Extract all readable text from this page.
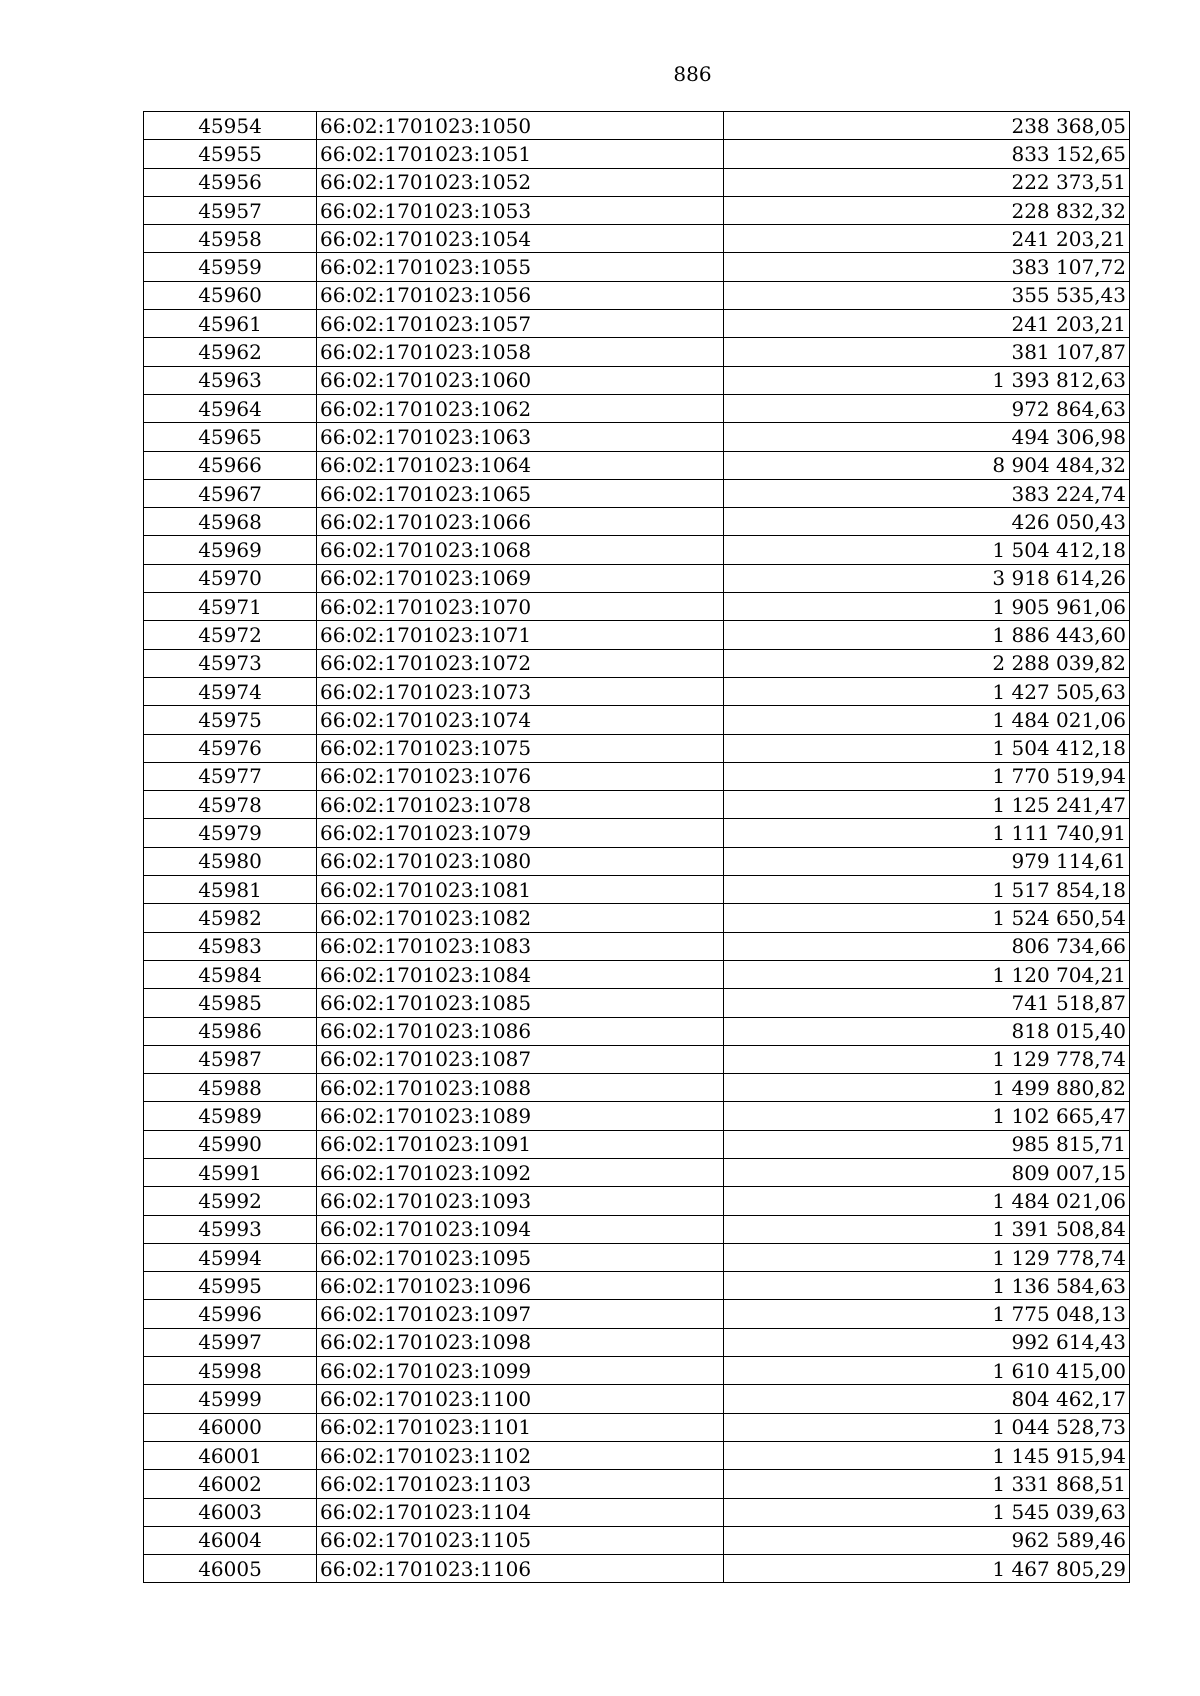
886
45954	66:02:1701023:1050	238 368,05
45955	66:02:1701023:1051	833 152,65
45956	66:02:1701023:1052	222 373,51
45957	66:02:1701023:1053	228 832,32
45958	66:02:1701023:1054	241 203,21
45959	66:02:1701023:1055	383 107,72
45960	66:02:1701023:1056	355 535,43
45961	66:02:1701023:1057	241 203,21
45962	66:02:1701023:1058	381 107,87
45963	66:02:1701023:1060	1 393 812,63
45964	66:02:1701023:1062	972 864,63
45965	66:02:1701023:1063	494 306,98
45966	66:02:1701023:1064	8 904 484,32
45967	66:02:1701023:1065	383 224,74
45968	66:02:1701023:1066	426 050,43
45969	66:02:1701023:1068	1 504 412,18
45970	66:02:1701023:1069	3 918 614,26
45971	66:02:1701023:1070	1 905 961,06
45972	66:02:1701023:1071	1 886 443,60
45973	66:02:1701023:1072	2 288 039,82
45974	66:02:1701023:1073	1 427 505,63
45975	66:02:1701023:1074	1 484 021,06
45976	66:02:1701023:1075	1 504 412,18
45977	66:02:1701023:1076	1 770 519,94
45978	66:02:1701023:1078	1 125 241,47
45979	66:02:1701023:1079	1 111 740,91
45980	66:02:1701023:1080	979 114,61
45981	66:02:1701023:1081	1 517 854,18
45982	66:02:1701023:1082	1 524 650,54
45983	66:02:1701023:1083	806 734,66
45984	66:02:1701023:1084	1 120 704,21
45985	66:02:1701023:1085	741 518,87
45986	66:02:1701023:1086	818 015,40
45987	66:02:1701023:1087	1 129 778,74
45988	66:02:1701023:1088	1 499 880,82
45989	66:02:1701023:1089	1 102 665,47
45990	66:02:1701023:1091	985 815,71
45991	66:02:1701023:1092	809 007,15
45992	66:02:1701023:1093	1 484 021,06
45993	66:02:1701023:1094	1 391 508,84
45994	66:02:1701023:1095	1 129 778,74
45995	66:02:1701023:1096	1 136 584,63
45996	66:02:1701023:1097	1 775 048,13
45997	66:02:1701023:1098	992 614,43
45998	66:02:1701023:1099	1 610 415,00
45999	66:02:1701023:1100	804 462,17
46000	66:02:1701023:1101	1 044 528,73
46001	66:02:1701023:1102	1 145 915,94
46002	66:02:1701023:1103	1 331 868,51
46003	66:02:1701023:1104	1 545 039,63
46004	66:02:1701023:1105	962 589,46
46005	66:02:1701023:1106	1 467 805,29
